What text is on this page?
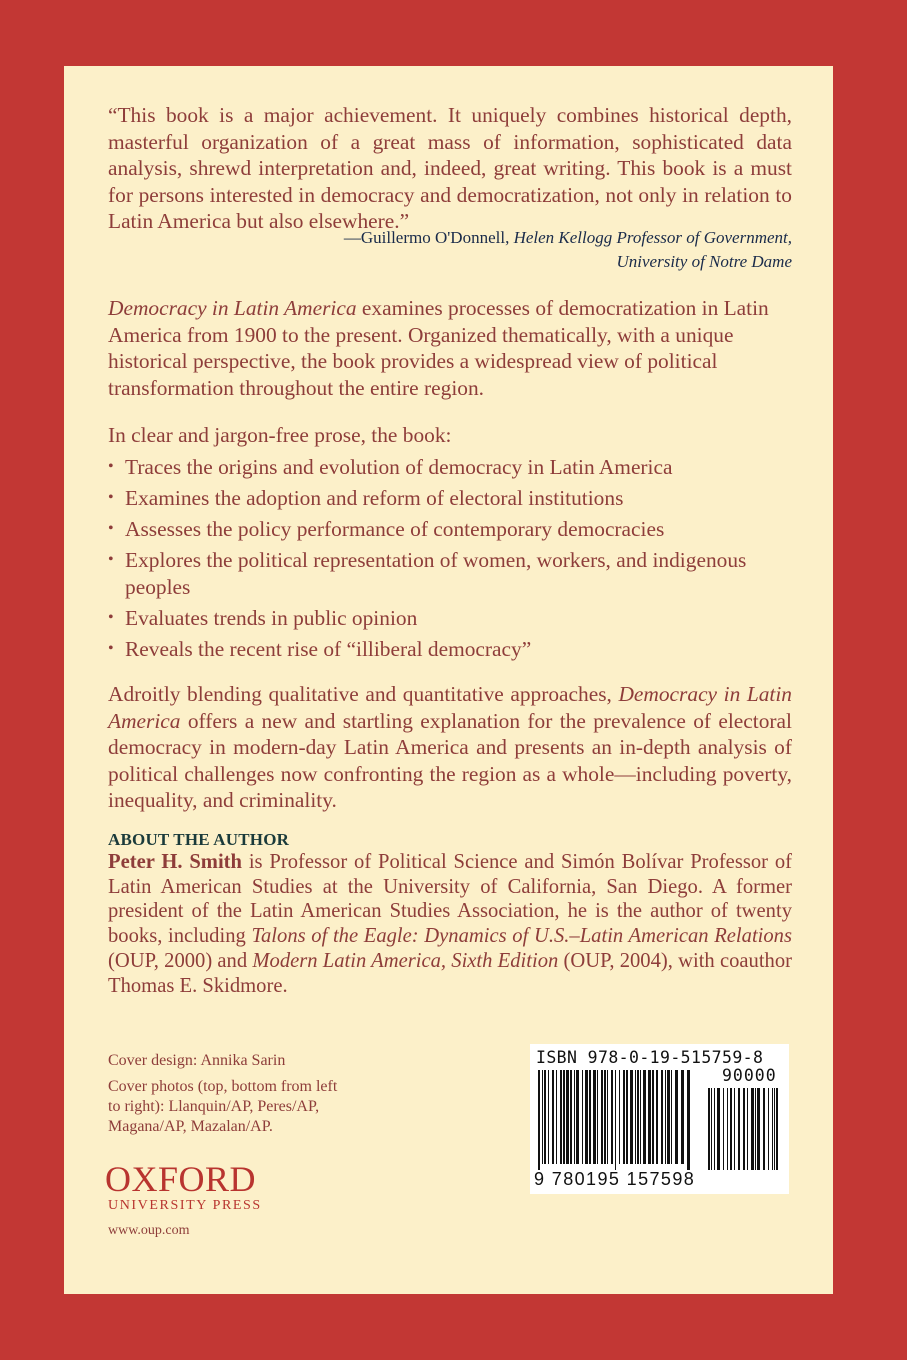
“This book is a major achievement. It uniquely combines historical depth, masterful organization of a great mass of information, sophisticated data analysis, shrewd interpretation and, indeed, great writing. This book is a must for persons interested in democracy and democratization, not only in relation to Latin America but also elsewhere.”

—Guillermo O'Donnell, Helen Kellogg Professor of Government,
University of Notre Dame
Democracy in Latin America examines processes of democratization in Latin America from 1900 to the present. Organized thematically, with a unique historical perspective, the book provides a widespread view of political transformation throughout the entire region.
In clear and jargon-free prose, the book:
• Traces the origins and evolution of democracy in Latin America
• Examines the adoption and reform of electoral institutions
• Assesses the policy performance of contemporary democracies
• Explores the political representation of women, workers, and indigenous peoples
• Evaluates trends in public opinion
• Reveals the recent rise of “illiberal democracy”
Adroitly blending qualitative and quantitative approaches, Democracy in Latin America offers a new and startling explanation for the prevalence of electoral democracy in modern-day Latin America and presents an in-depth analysis of political challenges now confronting the region as a whole—including poverty, inequality, and criminality.
ABOUT THE AUTHOR
Peter H. Smith is Professor of Political Science and Simón Bolívar Professor of Latin American Studies at the University of California, San Diego. A former president of the Latin American Studies Association, he is the author of twenty books, including Talons of the Eagle: Dynamics of U.S.–Latin American Relations (OUP, 2000) and Modern Latin America, Sixth Edition (OUP, 2004), with coauthor Thomas E. Skidmore.

Cover design: Annika Sarin

Cover photos (top, bottom from left to right): Llanquin/AP, Peres/AP, Magana/AP, Mazalan/AP.

OXFORD
UNIVERSITY PRESS
www.oup.com
ISBN 978-0-19-515759-8
90000
9 780195 157598
